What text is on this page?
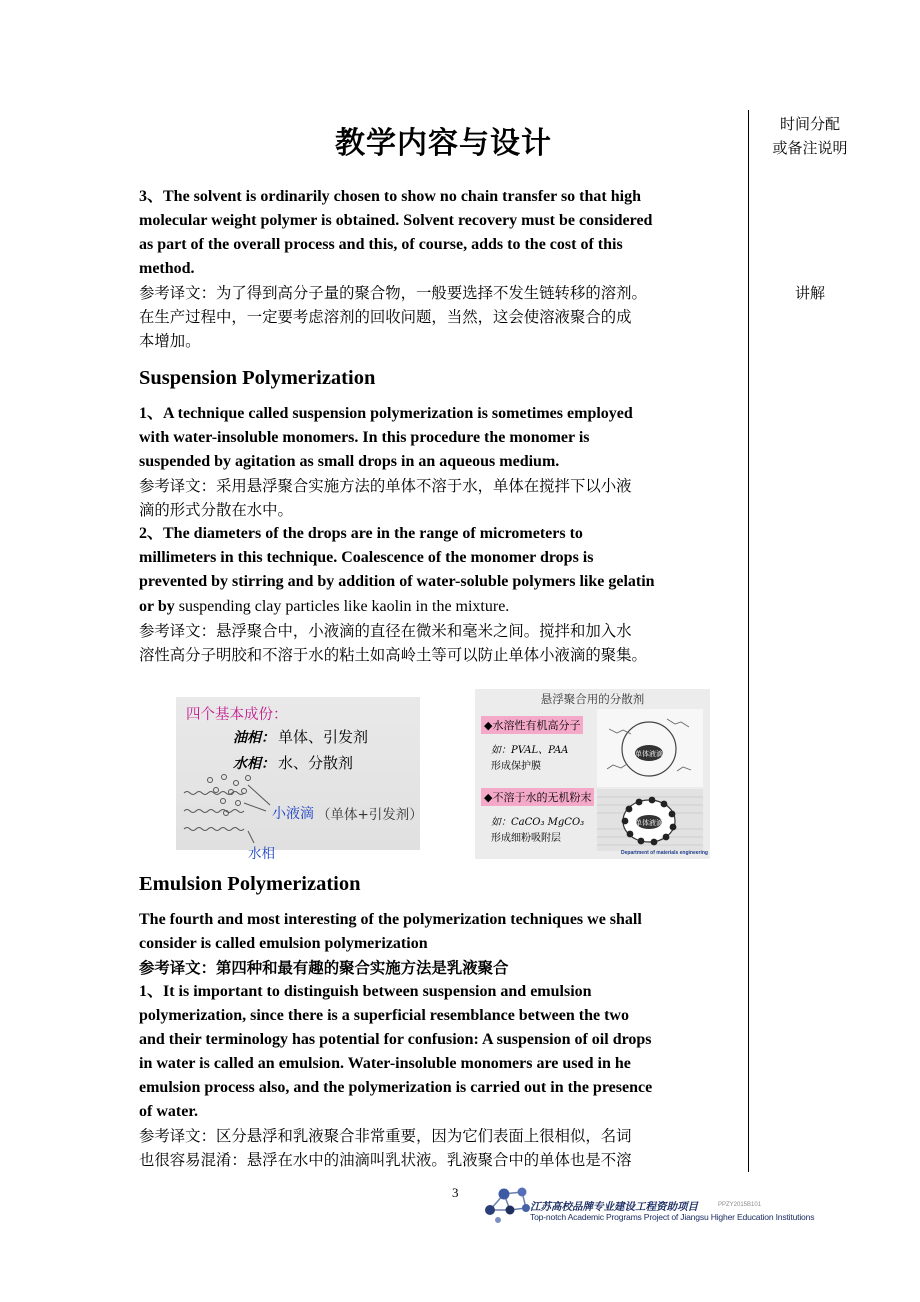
教学内容与设计
时间分配
或备注说明
讲解

3、The solvent is ordinarily chosen to show no chain transfer so that high

molecular weight polymer is obtained. Solvent recovery must be considered

as part of the overall process and this, of course, adds to the cost of this

method.

参考译文：为了得到高分子量的聚合物，一般要选择不发生链转移的溶剂。

在生产过程中，一定要考虑溶剂的回收问题，当然，这会使溶液聚合的成

本增加。

Suspension Polymerization

1、A technique called suspension polymerization is sometimes employed

with water-insoluble monomers. In this procedure the monomer is

suspended by agitation as small drops in an aqueous medium.

参考译文：采用悬浮聚合实施方法的单体不溶于水，单体在搅拌下以小液

滴的形式分散在水中。

2、The diameters of the drops are in the range of micrometers to

millimeters in this technique. Coalescence of the monomer drops is

prevented by stirring and by addition of water-soluble polymers like gelatin

or by suspending clay particles like kaolin in the mixture.

参考译文：悬浮聚合中，小液滴的直径在微米和毫米之间。搅拌和加入水

溶性高分子明胶和不溶于水的粘土如高岭土等可以防止单体小液滴的聚集。

四个基本成份：
油相： 单体、引发剂
水相： 水、分散剂
小液滴 （单体+引发剂）
水相
悬浮聚合用的分散剂
◆水溶性有机高分子
如：PVAL、PAA
形成保护膜
单体液滴
◆不溶于水的无机粉末
如：CaCO₃ MgCO₃
形成细粉吸附层
单体液滴
Department of materials engineering
Emulsion Polymerization

The fourth and most interesting of the polymerization techniques we shall

consider is called emulsion polymerization

参考译文：第四种和最有趣的聚合实施方法是乳液聚合

1、It is important to distinguish between suspension and emulsion

polymerization, since there is a superficial resemblance between the two

and their terminology has potential for confusion: A suspension of oil drops

in water is called an emulsion. Water-insoluble monomers are used in he

emulsion process also, and the polymerization is carried out in the presence

of water.

参考译文：区分悬浮和乳液聚合非常重要，因为它们表面上很相似，名词

也很容易混淆：悬浮在水中的油滴叫乳状液。乳液聚合中的单体也是不溶

3
江苏高校品牌专业建设工程资助项目	PPZY2015B101
Top-notch Academic Programs Project of Jiangsu Higher Education Institutions
